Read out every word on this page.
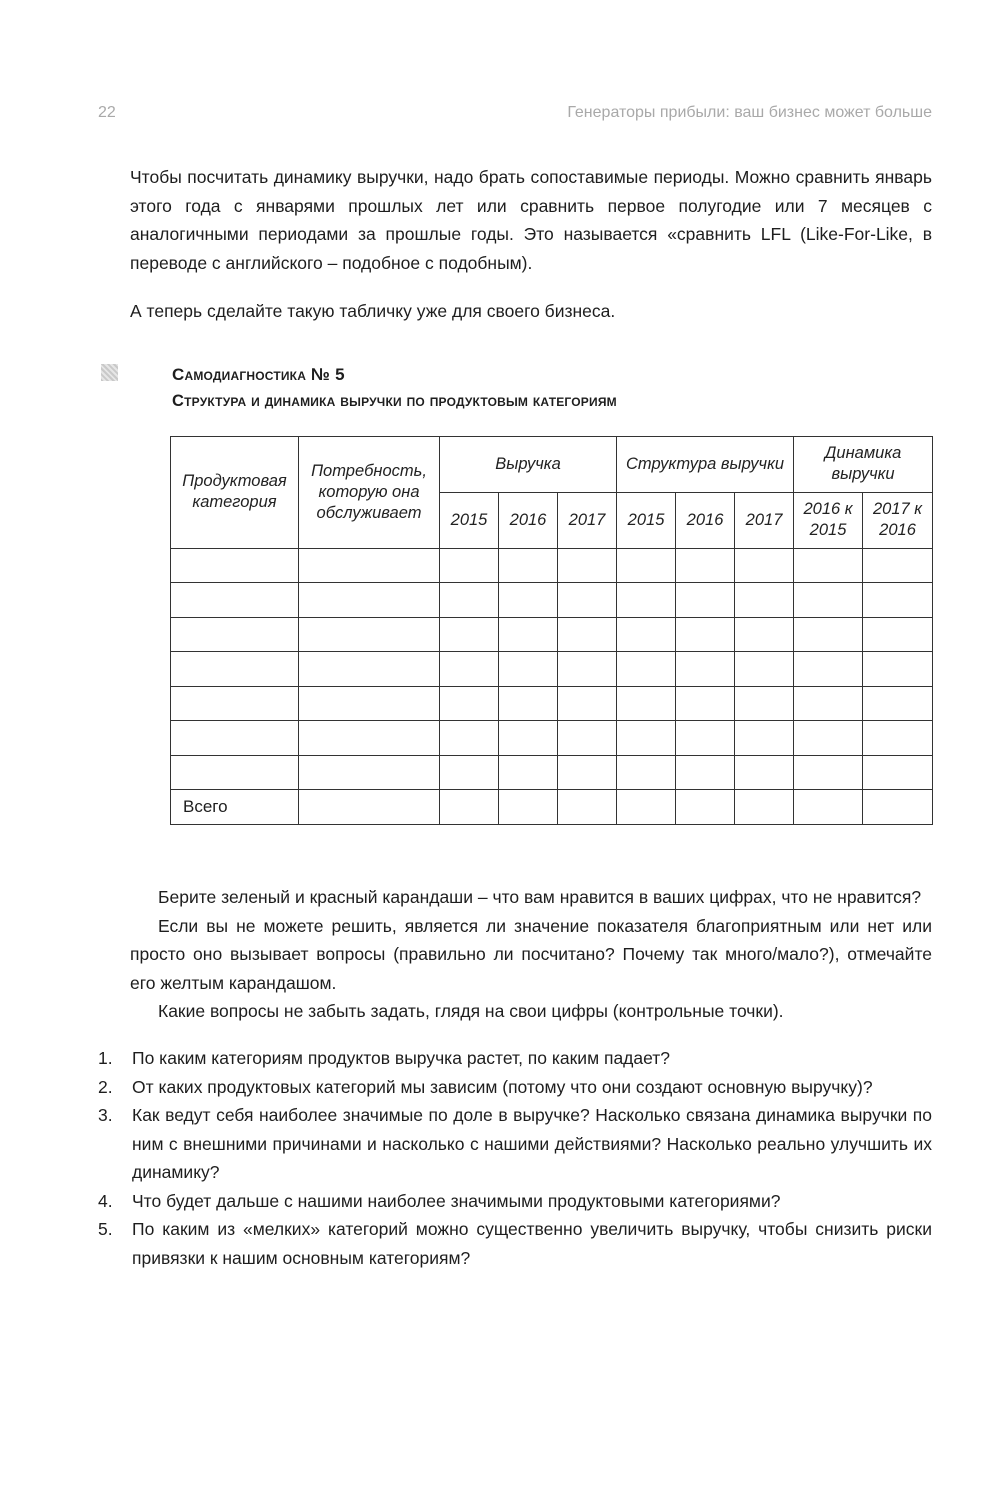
22	Генераторы прибыли: ваш бизнес может больше
Чтобы посчитать динамику выручки, надо брать сопоставимые периоды. Можно сравнить январь этого года с январями прошлых лет или сравнить первое полугодие или 7 месяцев с аналогичными периодами за прошлые годы. Это называется «сравнить LFL (Like-For-Like, в переводе с английского – подобное с подобным).
А теперь сделайте такую табличку уже для своего бизнеса.
Самодиагностика № 5
Структура и динамика выручки по продуктовым категориям
Продуктовая категория	Потребность, которую она обслуживает	Выручка			Структура выручки			Динамика выручки	
		2015	2016	2017	2015	2016	2017	2016 к 2015	2017 к 2016

Всего									
Берите зеленый и красный карандаши – что вам нравится в ваших цифрах, что не нравится?
Если вы не можете решить, является ли значение показателя благоприятным или нет или просто оно вызывает вопросы (правильно ли посчитано? Почему так много/мало?), отмечайте его желтым карандашом.
Какие вопросы не забыть задать, глядя на свои цифры (контрольные точки).
1.	По каким категориям продуктов выручка растет, по каким падает?
2.	От каких продуктовых категорий мы зависим (потому что они создают основную выручку)?
3.	Как ведут себя наиболее значимые по доле в выручке? Насколько связана динамика выручки по ним с внешними причинами и насколько с нашими действиями? Насколько реально улучшить их динамику?
4.	Что будет дальше с нашими наиболее значимыми продуктовыми категориями?
5.	По каким из «мелких» категорий можно существенно увеличить выручку, чтобы снизить риски привязки к нашим основным категориям?
